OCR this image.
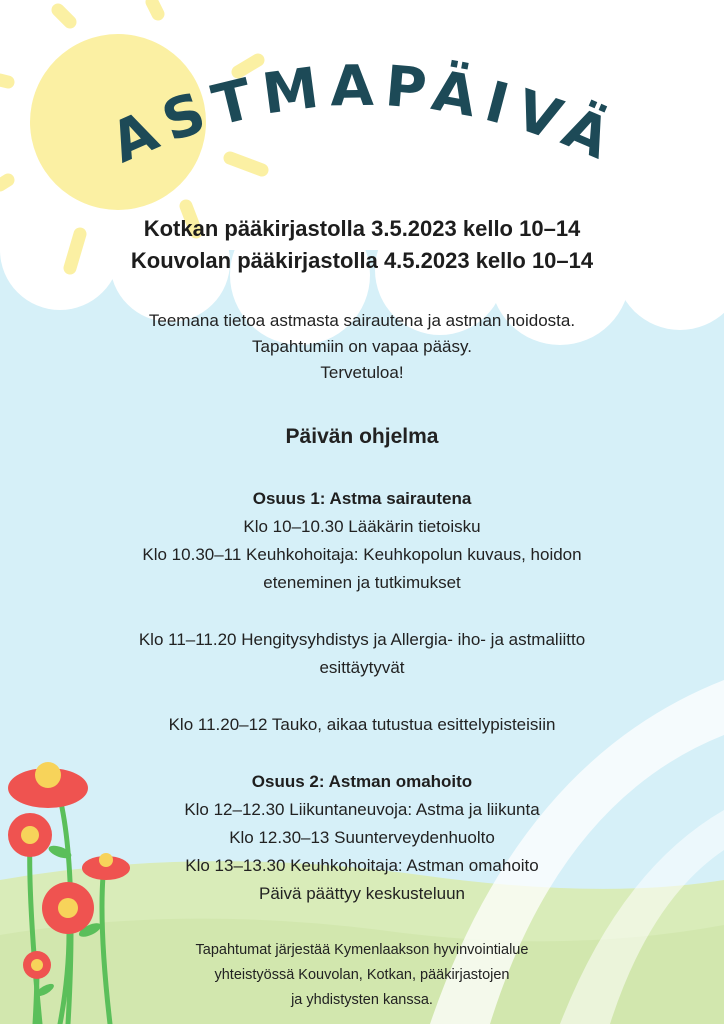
ASTMAPÄIVÄ
Kotkan pääkirjastolla 3.5.2023 kello 10–14
Kouvolan pääkirjastolla 4.5.2023 kello 10–14
Teemana tietoa astmasta sairautena ja astman hoidosta.
Tapahtumiin on vapaa pääsy.
Tervetuloa!
Päivän ohjelma
Osuus 1: Astma sairautena
Klo 10–10.30 Lääkärin tietoisku
Klo 10.30–11 Keuhkohoitaja: Keuhkopolun kuvaus, hoidon
eteneminen ja tutkimukset
Klo 11–11.20 Hengitysyhdistys ja Allergia- iho- ja astmaliitto
esittäytyvät
Klo 11.20–12 Tauko, aikaa tutustua esittelypisteisiin
Osuus 2: Astman omahoito
Klo 12–12.30 Liikuntaneuvoja: Astma ja liikunta
Klo 12.30–13 Suunterveydenhuolto
Klo 13–13.30 Keuhkohoitaja: Astman omahoito
Päivä päättyy keskusteluun
Tapahtumat järjestää Kymenlaakson hyvinvointialue
yhteistyössä Kouvolan, Kotkan, pääkirjastojen
ja yhdistysten kanssa.
